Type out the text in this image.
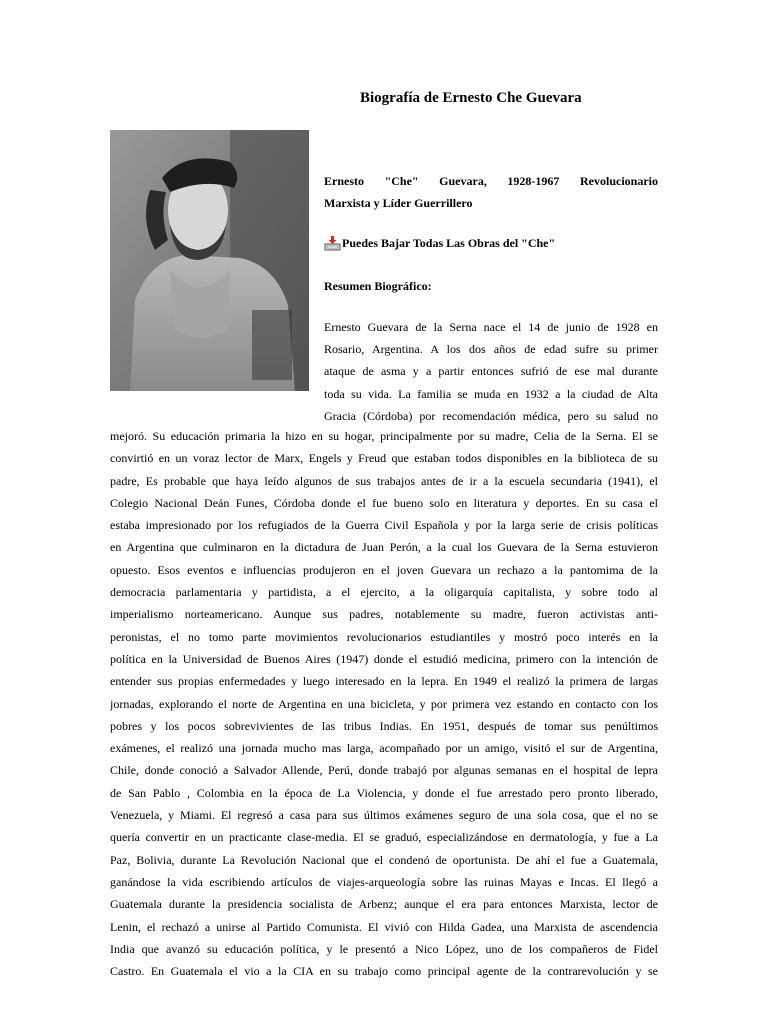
Biografía de Ernesto Che Guevara
Ernesto "Che" Guevara, 1928-1967 Revolucionario
Marxista y Líder Guerrillero
Puedes Bajar Todas Las Obras del "Che"
Resumen Biográfico:
Ernesto Guevara de la Serna nace el 14 de junio de 1928 en
Rosario, Argentina. A los dos años de edad sufre su primer
ataque de asma y a partir entonces sufrió de ese mal durante
toda su vida. La familia se muda en 1932 a la ciudad de Alta
Gracia (Córdoba) por recomendación médica, pero su salud no
mejoró. Su educación primaria la hizo en su hogar, principalmente por su madre, Celia de la Serna. El se
convirtió en un voraz lector de Marx, Engels y Freud que estaban todos disponibles en la biblioteca de su
padre, Es probable que haya leído algunos de sus trabajos antes de ir a la escuela secundaria (1941), el
Colegio Nacional Deán Funes, Córdoba donde el fue bueno solo en literatura y deportes. En su casa el
estaba impresionado por los refugiados de la Guerra Civil Española y por la larga serie de crisis políticas
en Argentina que culminaron en la dictadura de Juan Perón, a la cual los Guevara de la Serna estuvieron
opuesto. Esos eventos e influencias produjeron en el joven Guevara un rechazo a la pantomima de la
democracia parlamentaria y partidista, a el ejercito, a la oligarquía capitalista, y sobre todo al
imperialismo norteamericano. Aunque sus padres, notablemente su madre, fueron activistas anti-
peronistas, el no tomo parte movimientos revolucionarios estudiantiles y mostró poco interés en la
política en la Universidad de Buenos Aires (1947) donde el estudió medicina, primero con la intención de
entender sus propias enfermedades y luego interesado en la lepra. En 1949 el realizó la primera de largas
jornadas, explorando el norte de Argentina en una bicicleta, y por primera vez estando en contacto con los
pobres y los pocos sobrevivientes de las tribus Indias. En 1951, después de tomar sus penúltimos
exámenes, el realizó una jornada mucho mas larga, acompañado por un amigo, visitó el sur de Argentina,
Chile, donde conoció a Salvador Allende, Perú, donde trabajó por algunas semanas en el hospital de lepra
de San Pablo , Colombia en la época de La Violencia, y donde el fue arrestado pero pronto liberado,
Venezuela, y Miami. El regresó a casa para sus últimos exámenes seguro de una sola cosa, que el no se
quería convertir en un practicante clase-media. El se graduó, especializándose en dermatología, y fue a La
Paz, Bolivia, durante La Revolución Nacional que el condenó de oportunista. De ahí el fue a Guatemala,
ganándose la vida escribiendo artículos de viajes-arqueología sobre las ruinas Mayas e Incas. El llegó a
Guatemala durante la presidencia socialista de Arbenz; aunque el era para entonces Marxista, lector de
Lenin, el rechazó a unirse al Partido Comunista. El vivió con Hilda Gadea, una Marxista de ascendencia
India que avanzó su educación política, y le presentó a Nico López, uno de los compañeros de Fidel
Castro. En Guatemala el vio a la CIA en su trabajo como principal agente de la contrarevolución y se
